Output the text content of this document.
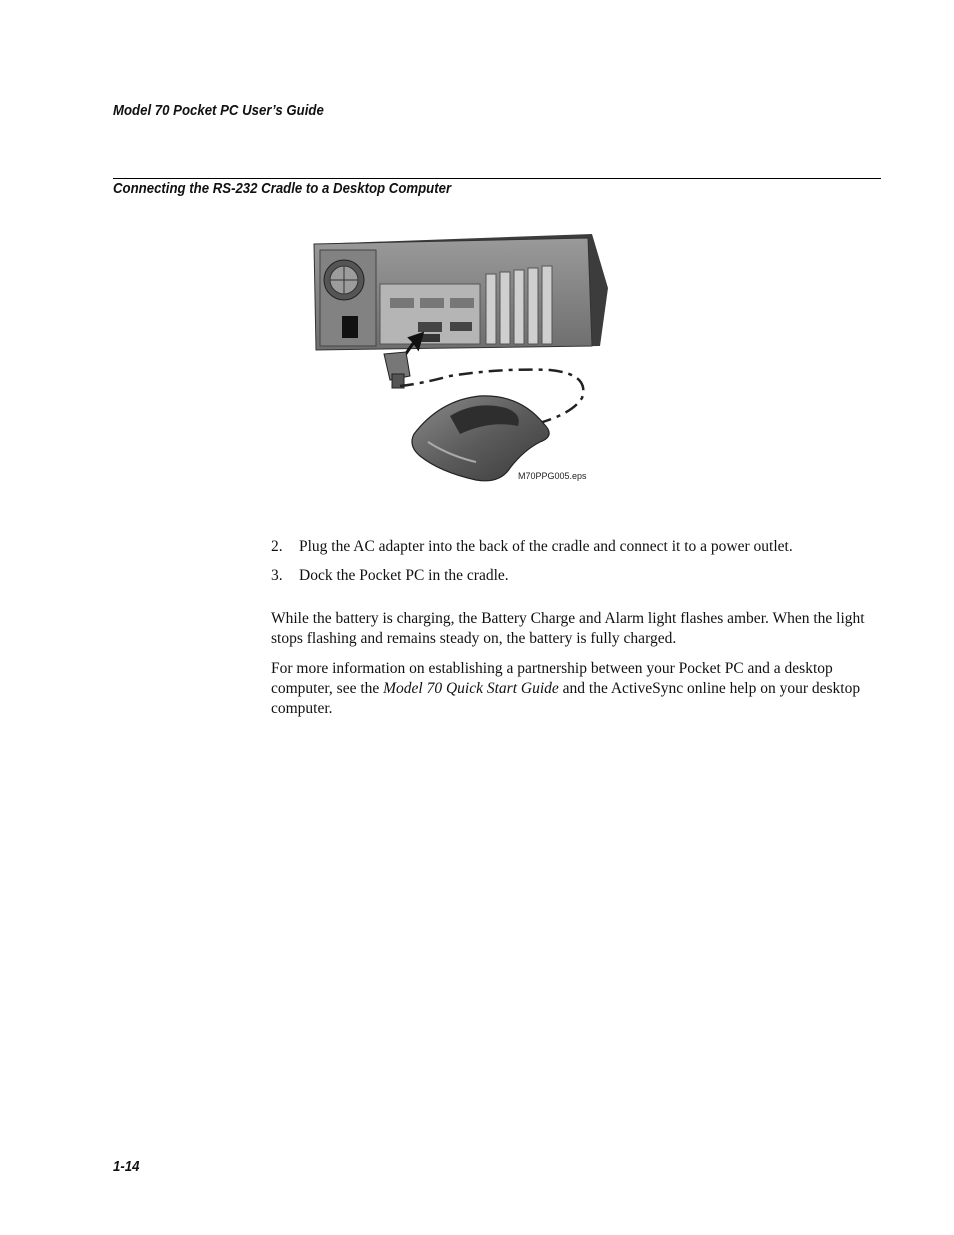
Model 70 Pocket PC User’s Guide
Connecting the RS-232 Cradle to a Desktop Computer
M70PPG005.eps
2.	Plug the AC adapter into the back of the cradle and connect it to a power outlet.
3.	Dock the Pocket PC in the cradle.

While the battery is charging, the Battery Charge and Alarm light flashes amber. When the light stops flashing and remains steady on, the battery is fully charged.

For more information on establishing a partnership between your Pocket PC and a desktop computer, see the Model 70 Quick Start Guide and the ActiveSync online help on your desktop computer.

1-14
